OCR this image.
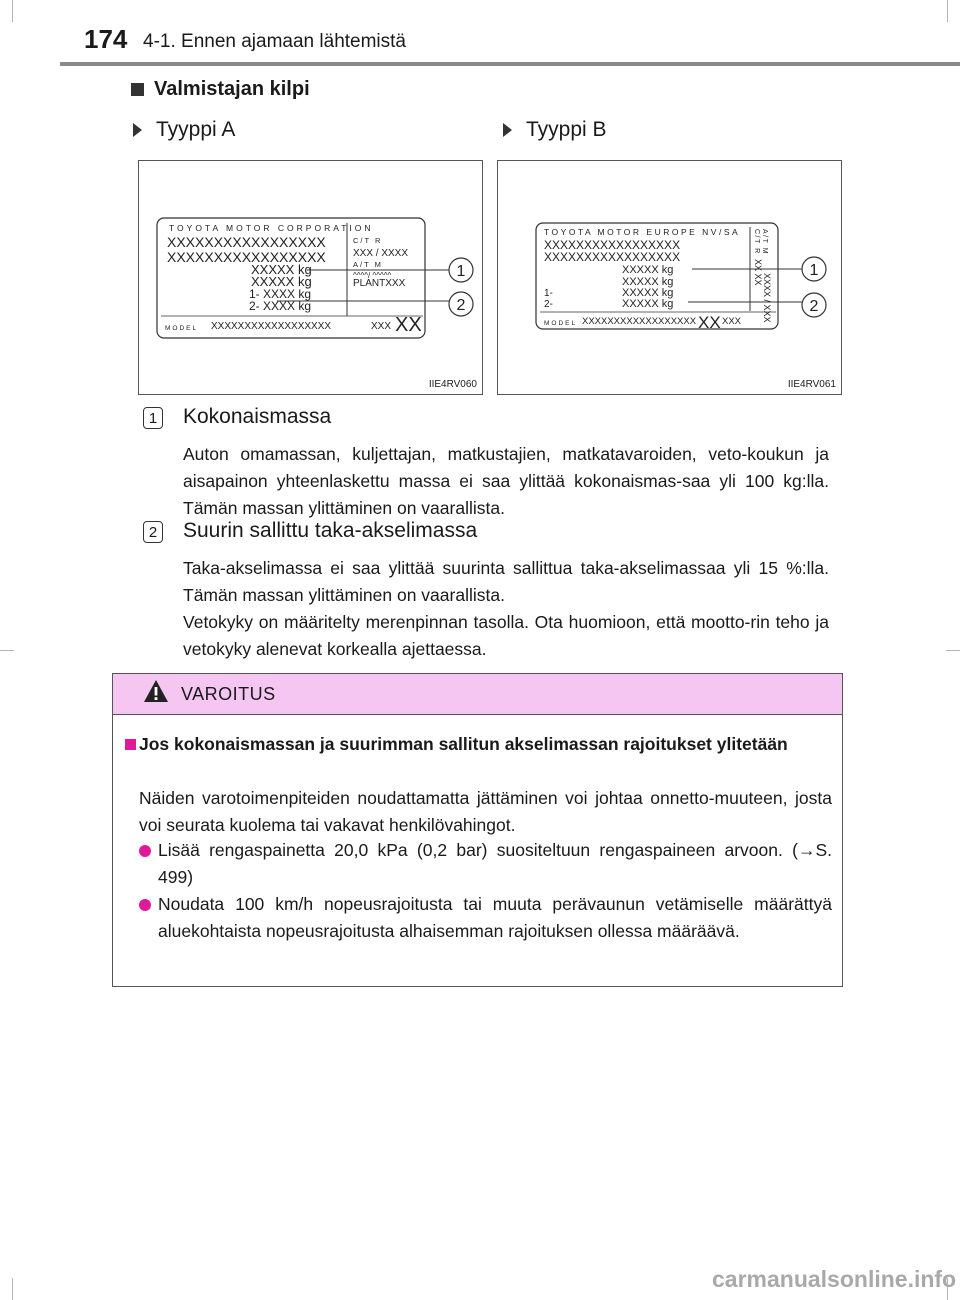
174 4-1. Ennen ajamaan lähtemistä
Valmistajan kilpi
Tyyppi A	Tyyppi B
TOYOTA MOTOR CORPORATION
XXXXXXXXXXXXXXXXX
XXXXXXXXXXXXXXXXX
XXXXX kg
XXXXX kg
1- XXXX kg
2- XXXX kg
C/T R
XXX / XXXX
A/T M
^^^^/ ^^^^^
PLANTXXX
MODEL XXXXXXXXXXXXXXXXXX	XXX XX
1
2
IIE4RV060
TOYOTA MOTOR EUROPE NV/SA
XXXXXXXXXXXXXXXXX
XXXXXXXXXXXXXXXXX
XXXXX kg
XXXXX kg
1-	XXXXX kg
2-	XXXXX kg
C/T R A/T M
XX XX
XXXX / XXX
MODEL XXXXXXXXXXXXXXXXXX XX XXX
1
2
IIE4RV061
1 Kokonaismassa
Auton omamassan, kuljettajan, matkustajien, matkatavaroiden, veto-koukun ja aisapainon yhteenlaskettu massa ei saa ylittää kokonaismas-saa yli 100 kg:lla. Tämän massan ylittäminen on vaarallista.
2 Suurin sallittu taka-akselimassa
Taka-akselimassa ei saa ylittää suurinta sallittua taka-akselimassaa yli 15 %:lla. Tämän massan ylittäminen on vaarallista.
Vetokyky on määritelty merenpinnan tasolla. Ota huomioon, että mootto-rin teho ja vetokyky alenevat korkealla ajettaessa.
VAROITUS
Jos kokonaismassan ja suurimman sallitun akselimassan rajoitukset ylitetään
Näiden varotoimenpiteiden noudattamatta jättäminen voi johtaa onnetto-muuteen, josta voi seurata kuolema tai vakavat henkilövahingot.
Lisää rengaspainetta 20,0 kPa (0,2 bar) suositeltuun rengaspaineen arvoon. (→S. 499)
Noudata 100 km/h nopeusrajoitusta tai muuta perävaunun vetämiselle määrättyä aluekohtaista nopeusrajoitusta alhaisemman rajoituksen ollessa määräävä.
carmanualsonline.info
